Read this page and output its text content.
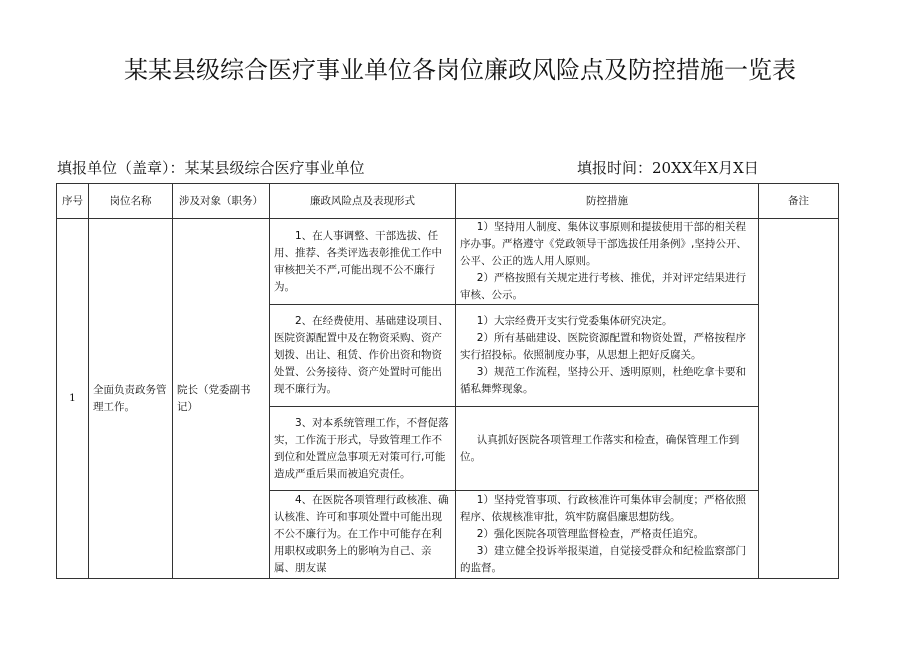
某某县级综合医疗事业单位各岗位廉政风险点及防控措施一览表
填报单位（盖章）：某某县级综合医疗事业单位	填报时间：20XX年X月X日
序号	岗位名称	涉及对象（职务）	廉政风险点及表现形式	防控措施	备注
1	全面负责政务管理工作。	院长（党委副书记）	1、在人事调整、干部选拔、任用、推荐、各类评选表彰推优工作中审核把关不严,可能出现不公不廉行为。	1）坚持用人制度、集体议事原则和提拔使用干部的相关程序办事。严格遵守《党政领导干部选拔任用条例》,坚持公开、公平、公正的选人用人原则。
2）严格按照有关规定进行考核、推优，并对评定结果进行审核、公示。	

			2、在经费使用、基础建设项目、医院资源配置中及在物资采购、资产划拨、出让、租赁、作价出资和物资处置、公务接待、资产处置时可能出现不廉行为。	1）大宗经费开支实行党委集体研究决定。
2）所有基础建设、医院资源配置和物资处置，严格按程序实行招投标。依照制度办事，从思想上把好反腐关。
3）规范工作流程，坚持公开、透明原则，杜绝吃拿卡要和循私舞弊现象。	

			3、对本系统管理工作，不督促落实，工作流于形式，导致管理工作不到位和处置应急事项无对策可行,可能造成严重后果而被追究责任。	认真抓好医院各项管理工作落实和检查，确保管理工作到位。	

			4、在医院各项管理行政核准、确认核准、许可和事项处置中可能出现不公不廉行为。在工作中可能存在利用职权或职务上的影响为自己、亲属、朋友谋	1）坚持党管事项、行政核准许可集体审会制度；严格依照程序、依规核准审批，筑牢防腐倡廉思想防线。
2）强化医院各项管理监督检查，严格责任追究。
3）建立健全投诉举报渠道，自觉接受群众和纪检监察部门的监督。	
